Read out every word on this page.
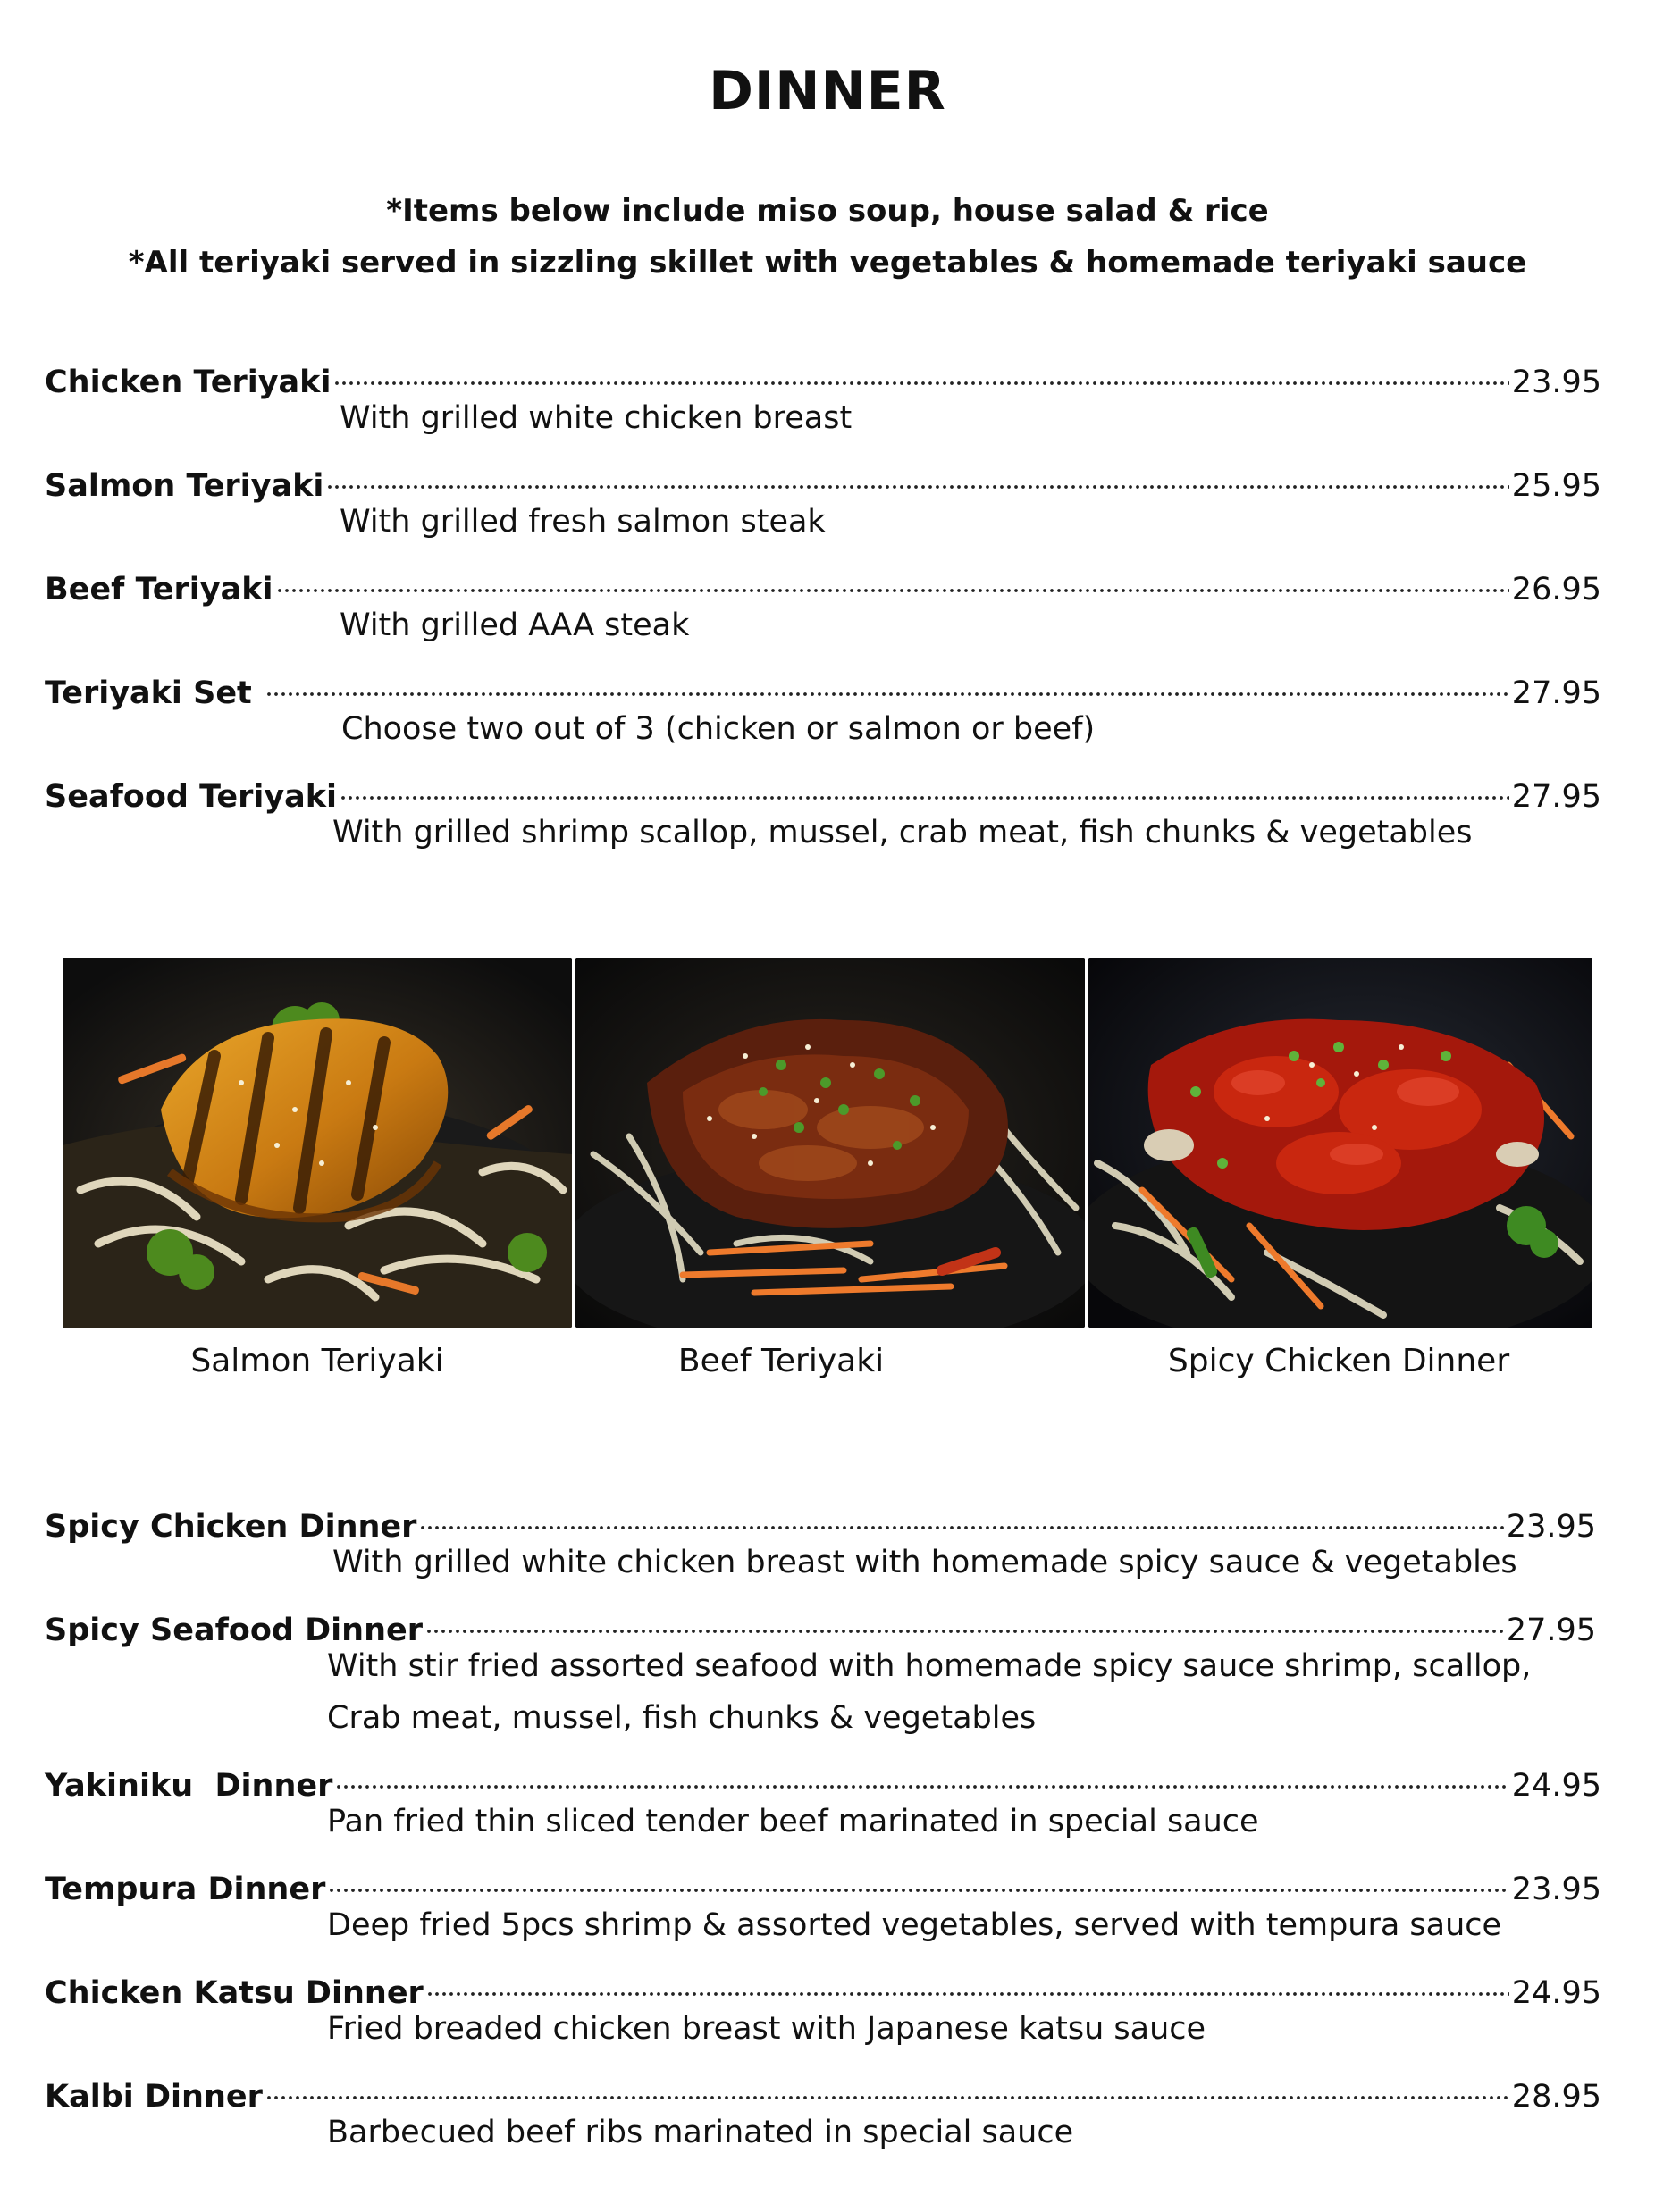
DINNER
*Items below include miso soup, house salad & rice
*All teriyaki served in sizzling skillet with vegetables & homemade teriyaki sauce
Chicken Teriyaki	23.95
With grilled white chicken breast
Salmon Teriyaki	25.95
With grilled fresh salmon steak
Beef Teriyaki	26.95
With grilled AAA steak
Teriyaki Set	27.95
Choose two out of 3 (chicken or salmon or beef)
Seafood Teriyaki	27.95
With grilled shrimp scallop, mussel, crab meat, fish chunks & vegetables
Salmon Teriyaki	Beef Teriyaki	Spicy Chicken Dinner
Spicy Chicken Dinner	23.95
With grilled white chicken breast with homemade spicy sauce & vegetables
Spicy Seafood Dinner	27.95
With stir fried assorted seafood with homemade spicy sauce shrimp, scallop,
Crab meat, mussel, fish chunks & vegetables
Yakiniku  Dinner	24.95
Pan fried thin sliced tender beef marinated in special sauce
Tempura Dinner	23.95
Deep fried 5pcs shrimp & assorted vegetables, served with tempura sauce
Chicken Katsu Dinner	24.95
Fried breaded chicken breast with Japanese katsu sauce
Kalbi Dinner	28.95
Barbecued beef ribs marinated in special sauce
